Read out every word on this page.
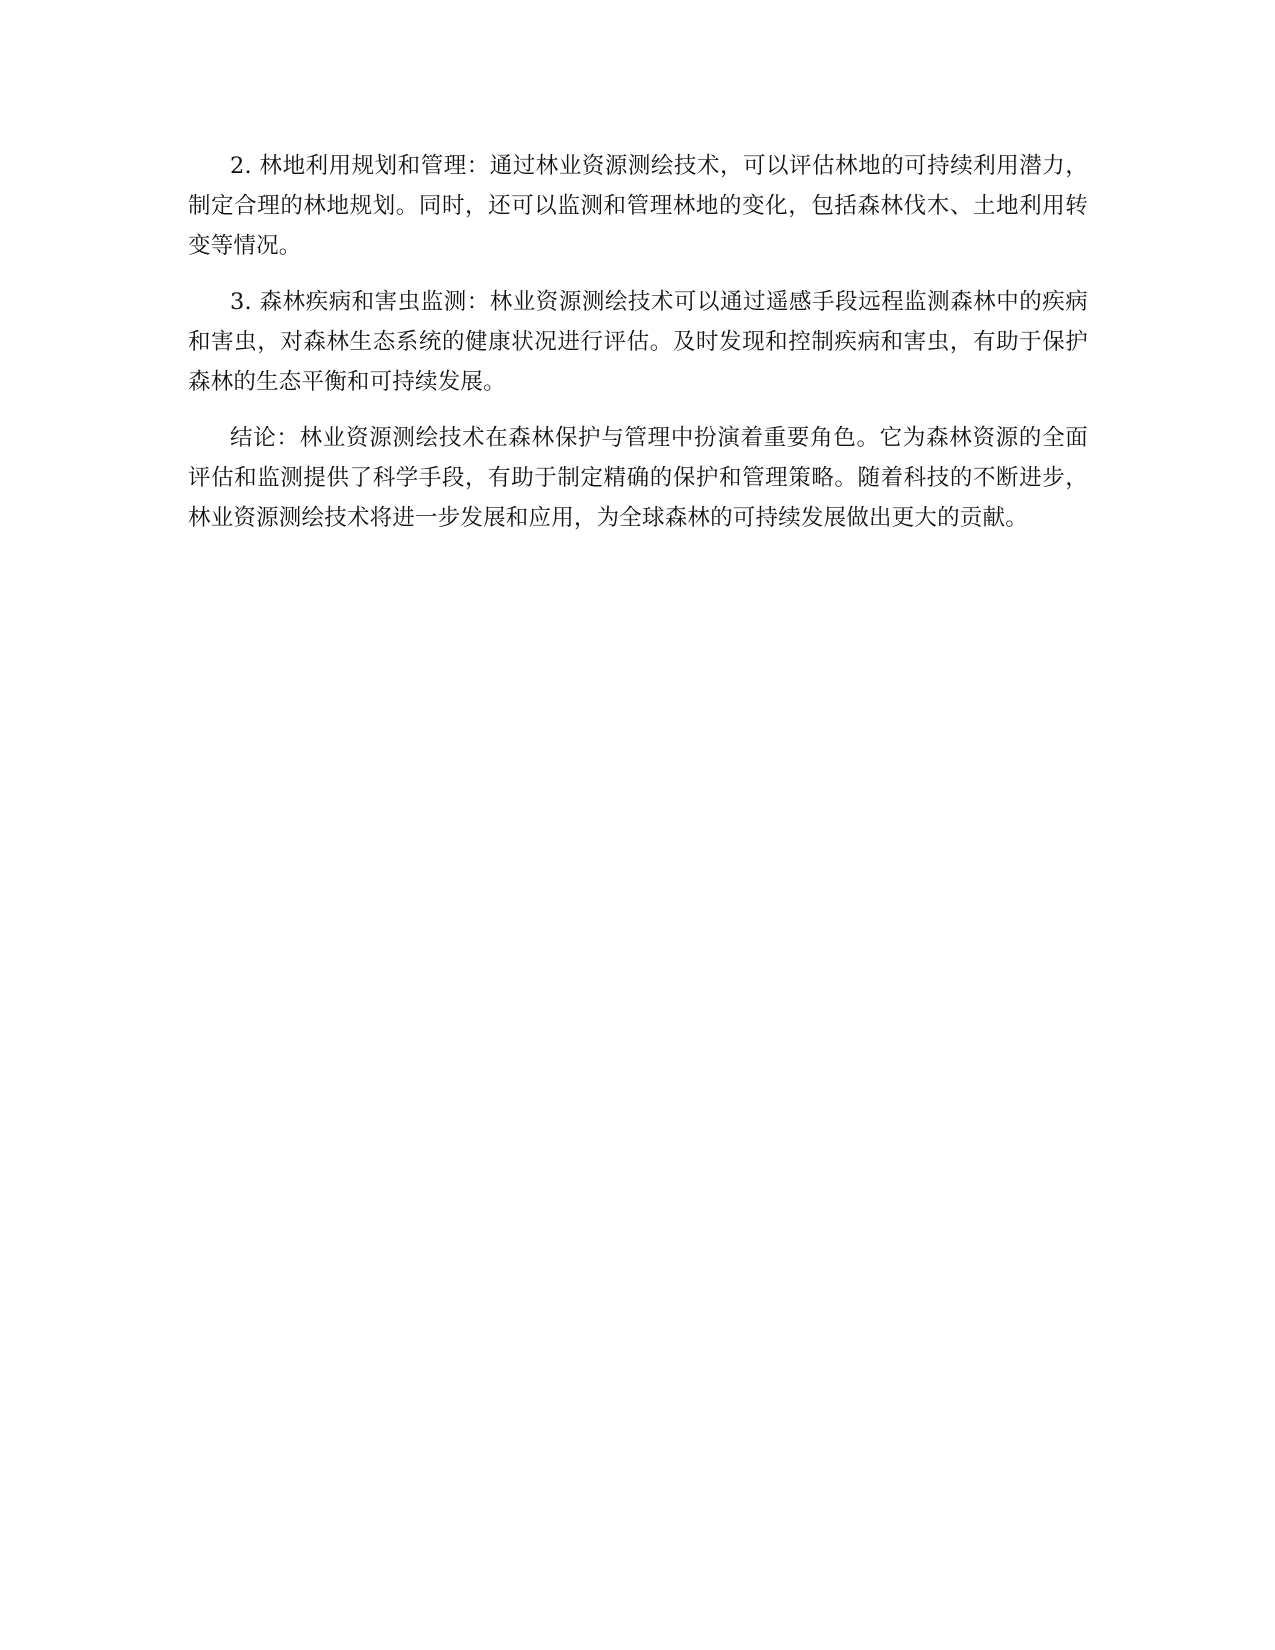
2. 林地利用规划和管理：通过林业资源测绘技术，可以评估林地的可持续利用潜力，制定合理的林地规划。同时，还可以监测和管理林地的变化，包括森林伐木、土地利用转变等情况。

3. 森林疾病和害虫监测：林业资源测绘技术可以通过遥感手段远程监测森林中的疾病和害虫，对森林生态系统的健康状况进行评估。及时发现和控制疾病和害虫，有助于保护森林的生态平衡和可持续发展。

结论：林业资源测绘技术在森林保护与管理中扮演着重要角色。它为森林资源的全面评估和监测提供了科学手段，有助于制定精确的保护和管理策略。随着科技的不断进步，林业资源测绘技术将进一步发展和应用，为全球森林的可持续发展做出更大的贡献。
